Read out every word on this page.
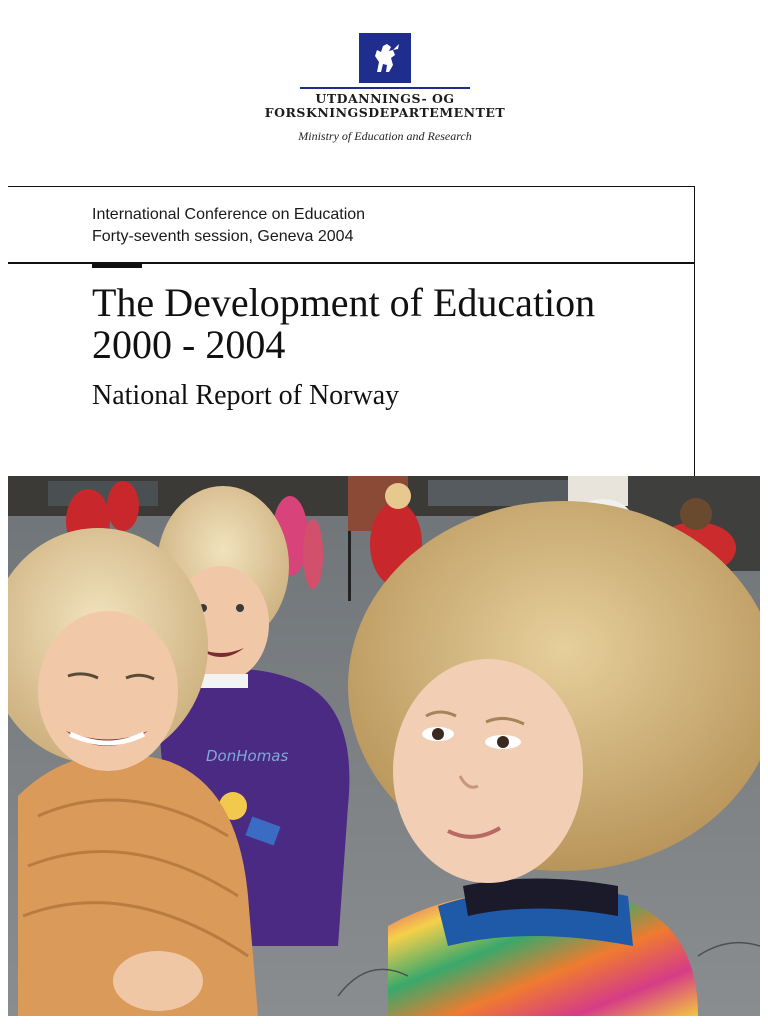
UTDANNINGS- OG
FORSKNINGSDEPARTEMENTET
Ministry of Education and Research
International Conference on Education
Forty-seventh session, Geneva 2004
The Development of Education
2000 - 2004
National Report of Norway
DonHomas
